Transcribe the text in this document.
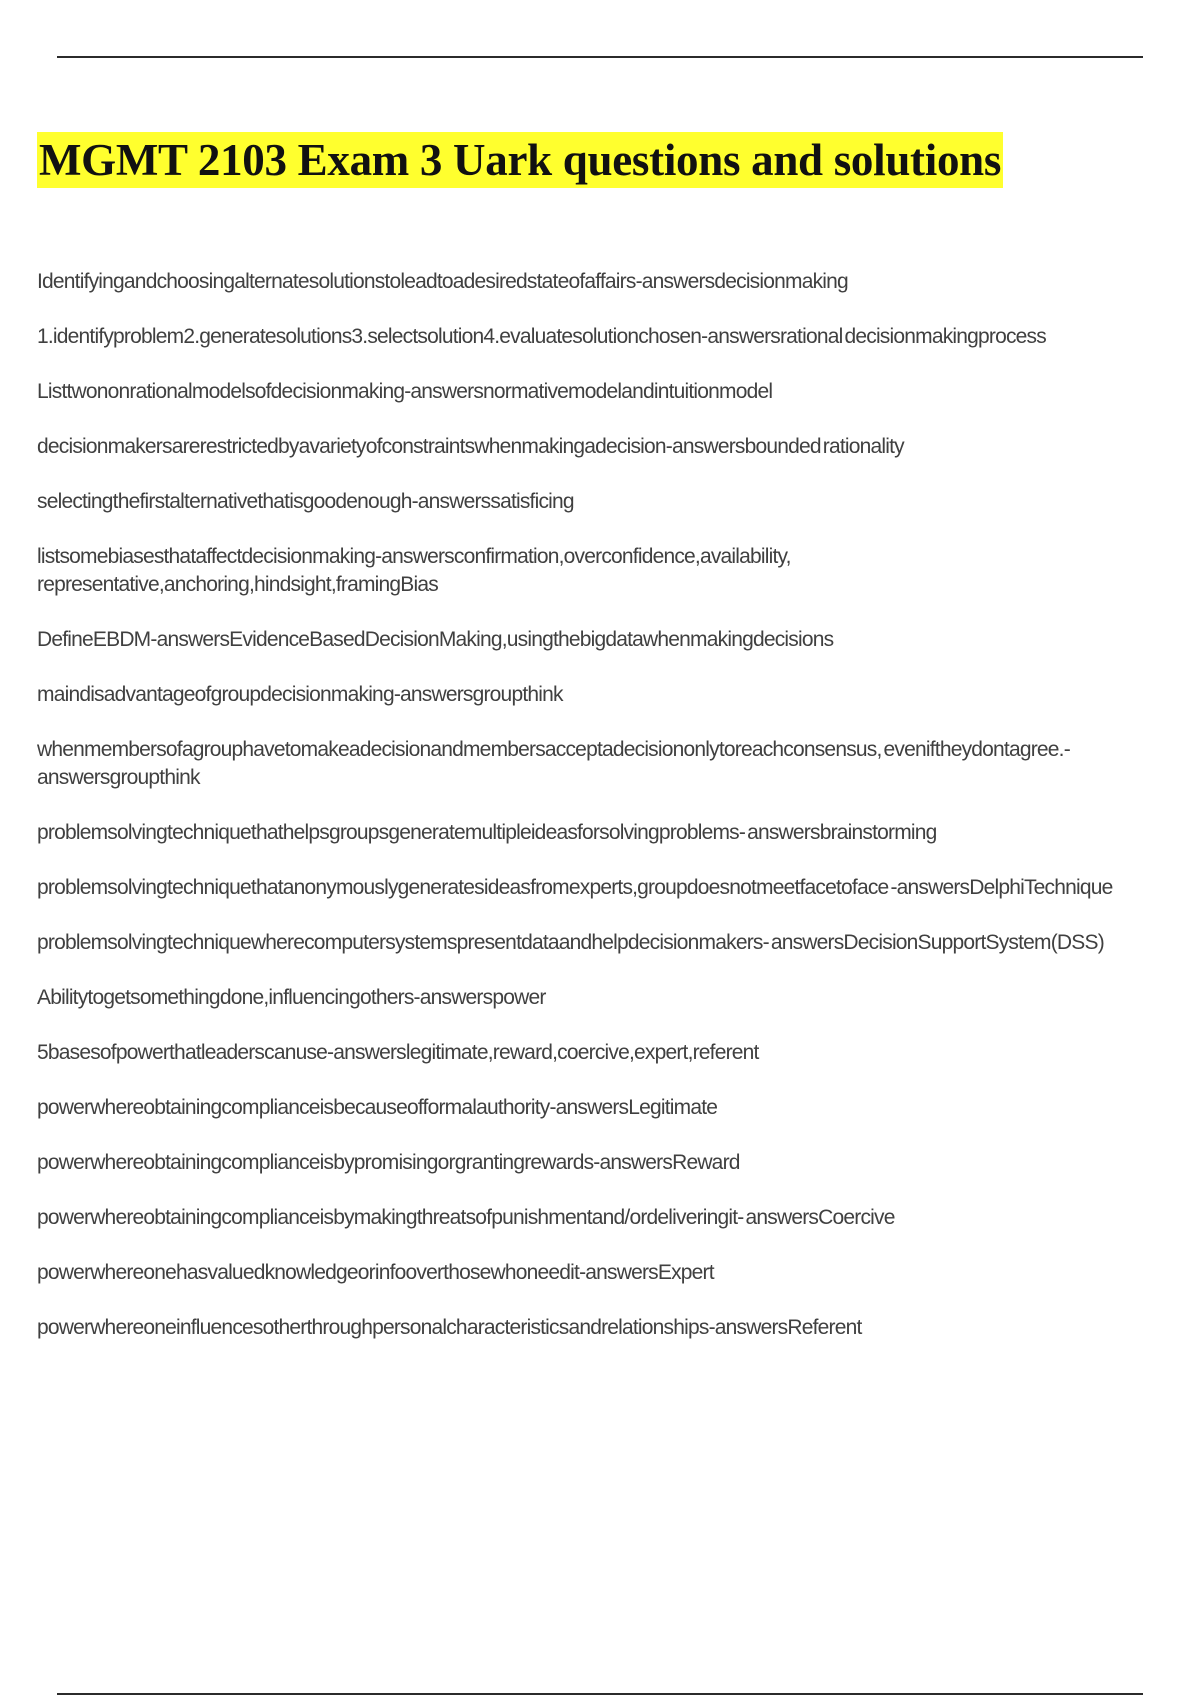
MGMT 2103 Exam 3 Uark questions and solutions
Identifyingandchoosingalternatesolutionstoleadtoadesiredstateofaffairs-answersdecisionmaking
1.identifyproblem2.generatesolutions3.selectsolution4.evaluatesolutionchosen-answersrational decisionmakingprocess
Listtwononrationalmodelsofdecisionmaking-answersnormativemodelandintuitionmodel
decisionmakersarerestrictedbyavarietyofconstraintswhenmakingadecision-answersbounded rationality
selectingthefirstalternativethatisgoodenough-answerssatisficing
listsomebiasesthataffectdecisionmaking-answersconfirmation,overconfidence,availability, representative,anchoring,hindsight,framingBias
DefineEBDM-answersEvidenceBasedDecisionMaking,usingthebigdatawhenmakingdecisions
maindisadvantageofgroupdecisionmaking-answersgroupthink
whenmembersofagrouphavetomakeadecisionandmembersacceptadecisiononlytoreachconsensus, eveniftheydontagree.-answersgroupthink
problemsolvingtechniquethathelpsgroupsgeneratemultipleideasforsolvingproblems- answersbrainstorming
problemsolvingtechniquethatanonymouslygeneratesideasfromexperts,groupdoesnotmeetfacetoface -answersDelphiTechnique
problemsolvingtechniquewherecomputersystemspresentdataandhelpdecisionmakers- answersDecisionSupportSystem(DSS)
Abilitytogetsomethingdone,influencingothers-answerspower
5basesofpowerthatleaderscanuse-answerslegitimate,reward,coercive,expert,referent
powerwhereobtainingcomplianceisbecauseofformalauthority-answersLegitimate
powerwhereobtainingcomplianceisbypromisingorgrantingrewards-answersReward
powerwhereobtainingcomplianceisbymakingthreatsofpunishmentand/ordeliveringit- answersCoercive
powerwhereonehasvaluedknowledgeorinfooverthosewhoneedit-answersExpert
powerwhereoneinfluencesotherthroughpersonalcharacteristicsandrelationships-answersReferent
